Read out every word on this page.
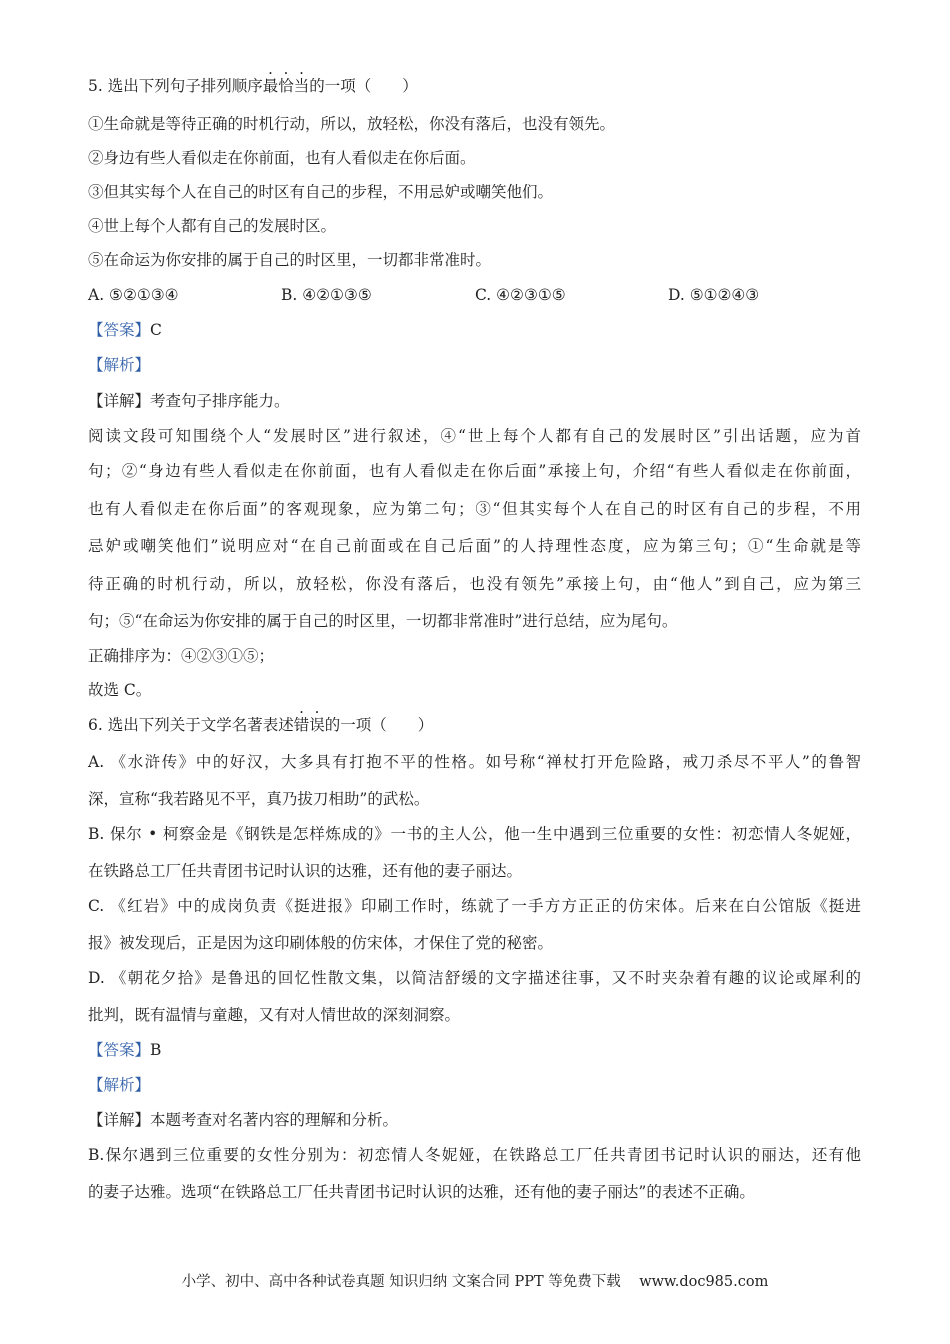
5. 选出下列句子排列顺序最恰当的一项（　　）
①生命就是等待正确的时机行动，所以，放轻松，你没有落后，也没有领先。
②身边有些人看似走在你前面，也有人看似走在你后面。
③但其实每个人在自己的时区有自己的步程，不用忌妒或嘲笑他们。
④世上每个人都有自己的发展时区。
⑤在命运为你安排的属于自己的时区里，一切都非常准时。
A. ⑤②①③④	B. ④②①③⑤	C. ④②③①⑤	D. ⑤①②④③
【答案】C
【解析】
【详解】考查句子排序能力。
阅读文段可知围绕个人“发展时区”进行叙述，④“世上每个人都有自己的发展时区”引出话题，应为首
句；②“身边有些人看似走在你前面，也有人看似走在你后面”承接上句，介绍“有些人看似走在你前面，
也有人看似走在你后面”的客观现象，应为第二句；③“但其实每个人在自己的时区有自己的步程，不用
忌妒或嘲笑他们”说明应对“在自己前面或在自己后面”的人持理性态度，应为第三句；①“生命就是等
待正确的时机行动，所以，放轻松，你没有落后，也没有领先”承接上句，由“他人”到自己，应为第三
句；⑤“在命运为你安排的属于自己的时区里，一切都非常准时”进行总结，应为尾句。
正确排序为：④②③①⑤；
故选 C。
6. 选出下列关于文学名著表述错误的一项（　　）
A. 《水浒传》中的好汉，大多具有打抱不平的性格。如号称“禅杖打开危险路，戒刀杀尽不平人”的鲁智
深，宣称“我若路见不平，真乃拔刀相助”的武松。
B. 保尔 • 柯察金是《钢铁是怎样炼成的》一书的主人公，他一生中遇到三位重要的女性：初恋情人冬妮娅，
在铁路总工厂任共青团书记时认识的达雅，还有他的妻子丽达。
C. 《红岩》中的成岗负责《挺进报》印刷工作时，练就了一手方方正正的仿宋体。后来在白公馆版《挺进
报》被发现后，正是因为这印刷体般的仿宋体，才保住了党的秘密。
D. 《朝花夕拾》是鲁迅的回忆性散文集，以简洁舒缓的文字描述往事，又不时夹杂着有趣的议论或犀利的
批判，既有温情与童趣，又有对人情世故的深刻洞察。
【答案】B
【解析】
【详解】本题考查对名著内容的理解和分析。
B.保尔遇到三位重要的女性分别为：初恋情人冬妮娅，在铁路总工厂任共青团书记时认识的丽达，还有他
的妻子达雅。选项“在铁路总工厂任共青团书记时认识的达雅，还有他的妻子丽达”的表述不正确。
小学、初中、高中各种试卷真题 知识归纳 文案合同 PPT 等免费下载 www.doc985.com
